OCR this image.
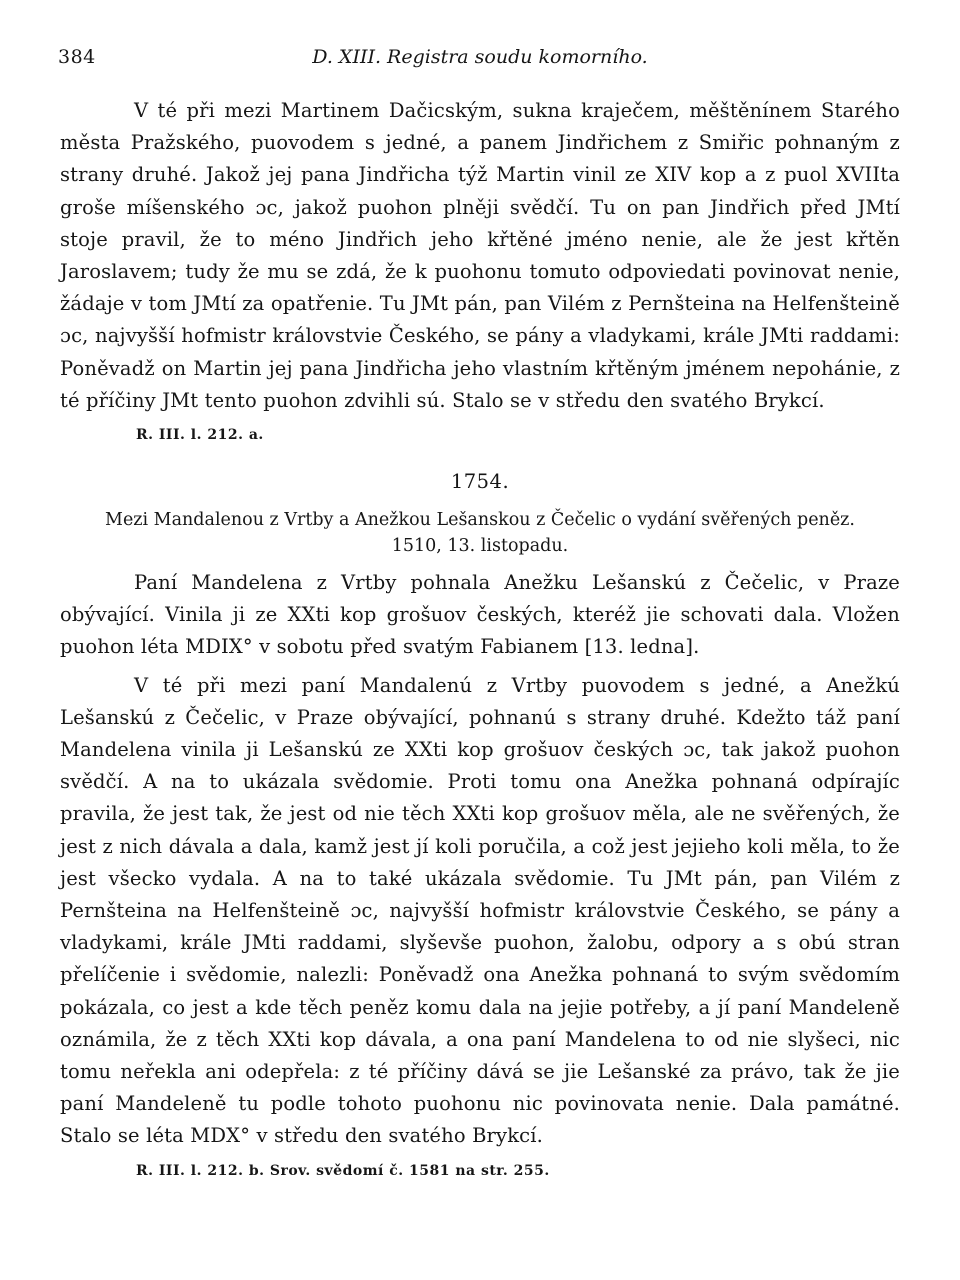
384	D. XIII. Registra soudu komorního.

V té při mezi Martinem Dačicským, sukna kraječem, měštěnínem Starého města Pražského, puovodem s jedné, a panem Jindřichem z Smiřic pohnaným z strany druhé. Jakož jej pana Jindřicha týž Martin vinil ze XIV kop a z puol XVIIta groše míšenského ɔc, jakož puohon plněji svědčí. Tu on pan Jindřich před JMtí stoje pravil, že to méno Jindřich jeho křtěné jméno nenie, ale že jest křtěn Jaroslavem; tudy že mu se zdá, že k puohonu tomuto odpoviedati povinovat nenie, žádaje v tom JMtí za opatřenie. Tu JMt pán, pan Vilém z Pernšteina na Helfenšteině ɔc, najvyšší hofmistr královstvie Českého, se pány a vladykami, krále JMti raddami: Poněvadž on Martin jej pana Jindřicha jeho vlastním křtěným jménem nepohánie, z té příčiny JMt tento puohon zdvihli sú. Stalo se v středu den svatého Brykcí.

R. III. l. 212. a.
1754.
Mezi Mandalenou z Vrtby a Anežkou Lešanskou z Čečelic o vydání svěřených peněz.
1510, 13. listopadu.

Paní Mandelena z Vrtby pohnala Anežku Lešanskú z Čečelic, v Praze obývající. Vinila ji ze XXti kop grošuov českých, kteréž jie schovati dala. Vložen puohon léta MDIX° v sobotu před svatým Fabianem [13. ledna].

V té při mezi paní Mandalenú z Vrtby puovodem s jedné, a Anežkú Lešanskú z Čečelic, v Praze obývající, pohnanú s strany druhé. Kdežto táž paní Mandelena vinila ji Lešanskú ze XXti kop grošuov českých ɔc, tak jakož puohon svědčí. A na to ukázala svědomie. Proti tomu ona Anežka pohnaná odpírajíc pravila, že jest tak, že jest od nie těch XXti kop grošuov měla, ale ne svěřených, že jest z nich dávala a dala, kamž jest jí koli poručila, a což jest jejieho koli měla, to že jest všecko vydala. A na to také ukázala svědomie. Tu JMt pán, pan Vilém z Pernšteina na Helfenšteině ɔc, najvyšší hofmistr královstvie Českého, se pány a vladykami, krále JMti raddami, slyševše puohon, žalobu, odpory a s obú stran přelíčenie i svědomie, nalezli: Poněvadž ona Anežka pohnaná to svým svědomím pokázala, co jest a kde těch peněz komu dala na jejie potřeby, a jí paní Mandeleně oznámila, že z těch XXti kop dávala, a ona paní Mandelena to od nie slyšeci, nic tomu neřekla ani odepřela: z té příčiny dává se jie Lešanské za právo, tak že jie paní Mandeleně tu podle tohoto puohonu nic povinovata nenie. Dala památné. Stalo se léta MDX° v středu den svatého Brykcí.

R. III. l. 212. b. Srov. svědomí č. 1581 na str. 255.
